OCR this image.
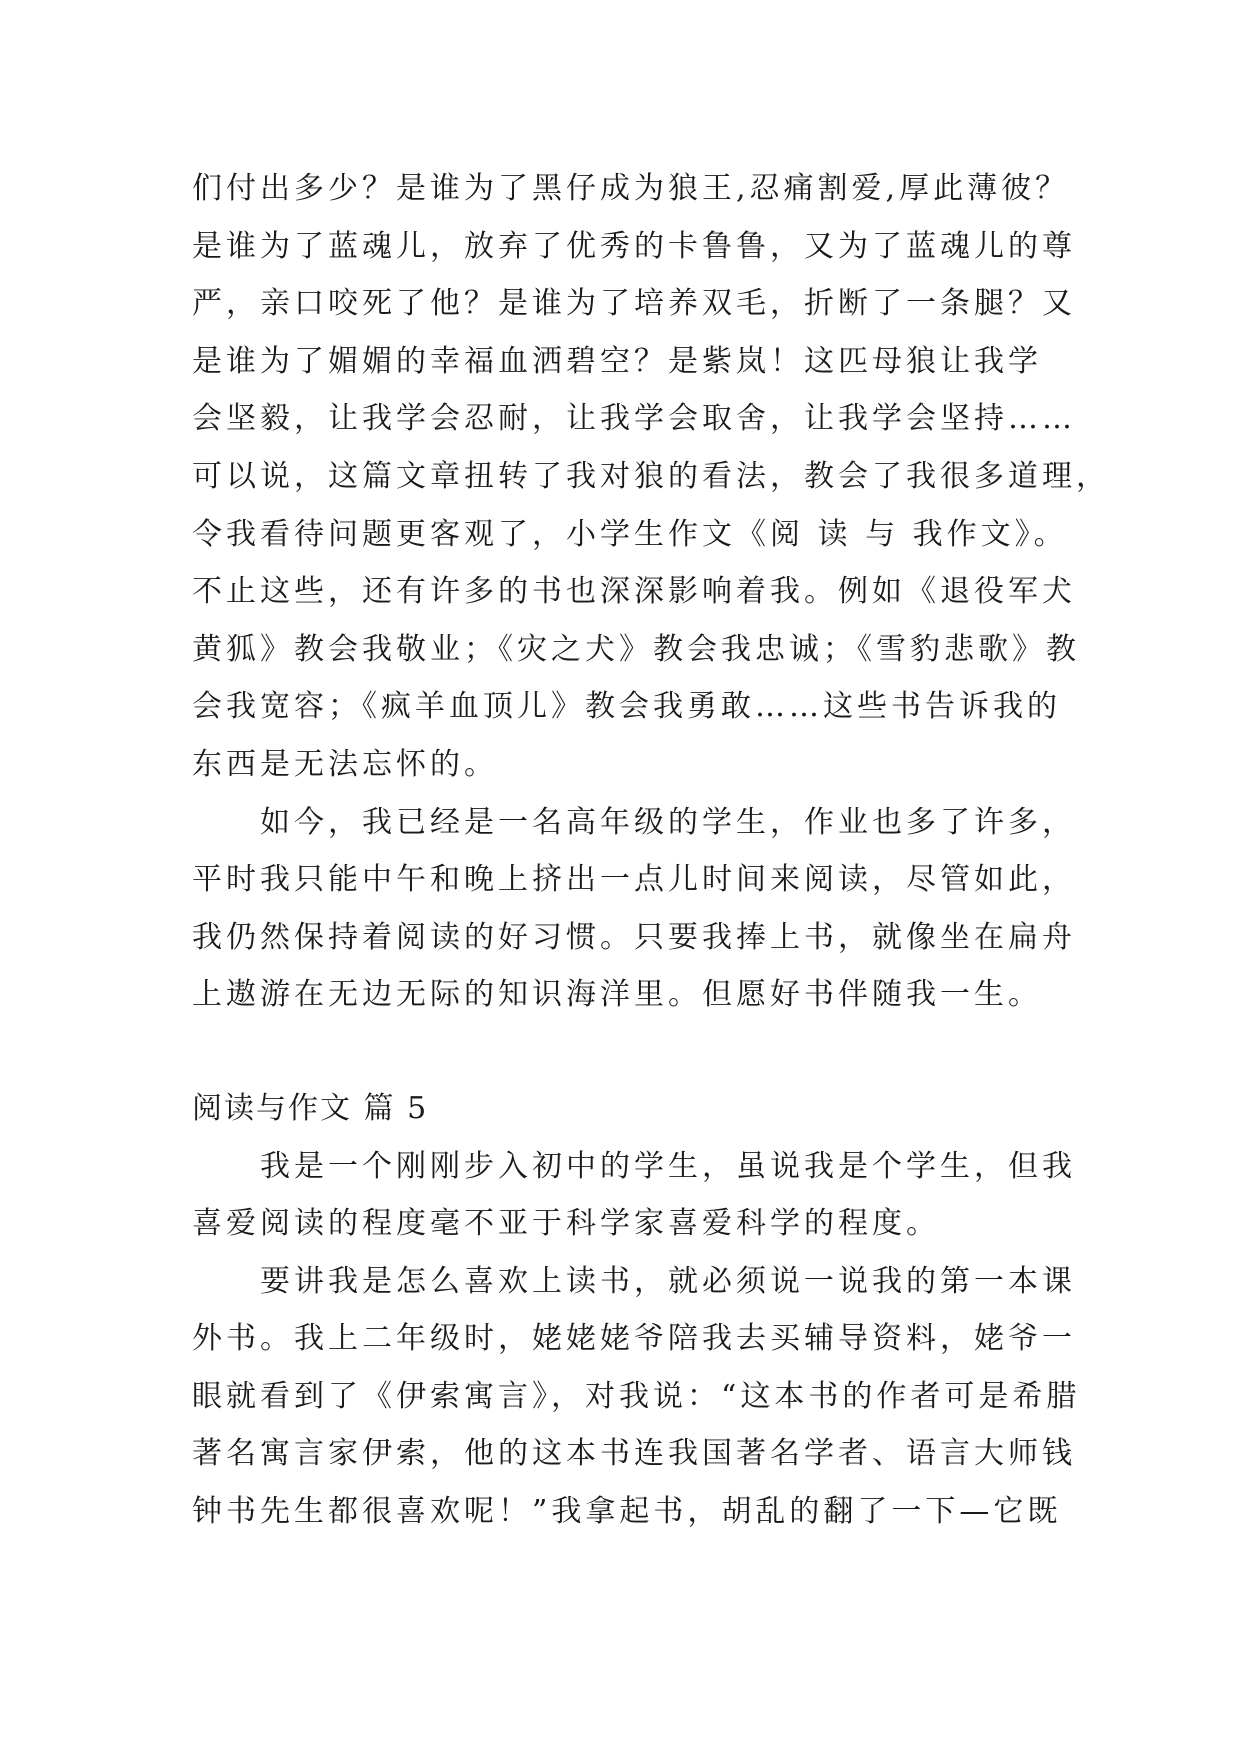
们付出多少？是谁为了黑仔成为狼王,忍痛割爱,厚此薄彼？
是谁为了蓝魂儿，放弃了优秀的卡鲁鲁，又为了蓝魂儿的尊
严，亲口咬死了他？是谁为了培养双毛，折断了一条腿？又
是谁为了媚媚的幸福血洒碧空？是紫岚！这匹母狼让我学
会坚毅，让我学会忍耐，让我学会取舍，让我学会坚持……
可以说，这篇文章扭转了我对狼的看法，教会了我很多道理，
令我看待问题更客观了，小学生作文《阅 读 与 我作文》。
不止这些，还有许多的书也深深影响着我。例如《退役军犬
黄狐》教会我敬业；《灾之犬》教会我忠诚；《雪豹悲歌》教
会我宽容；《疯羊血顶儿》教会我勇敢……这些书告诉我的
东西是无法忘怀的。
如今，我已经是一名高年级的学生，作业也多了许多，
平时我只能中午和晚上挤出一点儿时间来阅读，尽管如此，
我仍然保持着阅读的好习惯。只要我捧上书，就像坐在扁舟
上遨游在无边无际的知识海洋里。但愿好书伴随我一生。
阅读与作文 篇 5
我是一个刚刚步入初中的学生，虽说我是个学生，但我
喜爱阅读的程度毫不亚于科学家喜爱科学的程度。
要讲我是怎么喜欢上读书，就必须说一说我的第一本课
外书。我上二年级时，姥姥姥爷陪我去买辅导资料，姥爷一
眼就看到了《伊索寓言》，对我说：“这本书的作者可是希腊
著名寓言家伊索，他的这本书连我国著名学者、语言大师钱
钟书先生都很喜欢呢！”我拿起书，胡乱的翻了一下—它既
